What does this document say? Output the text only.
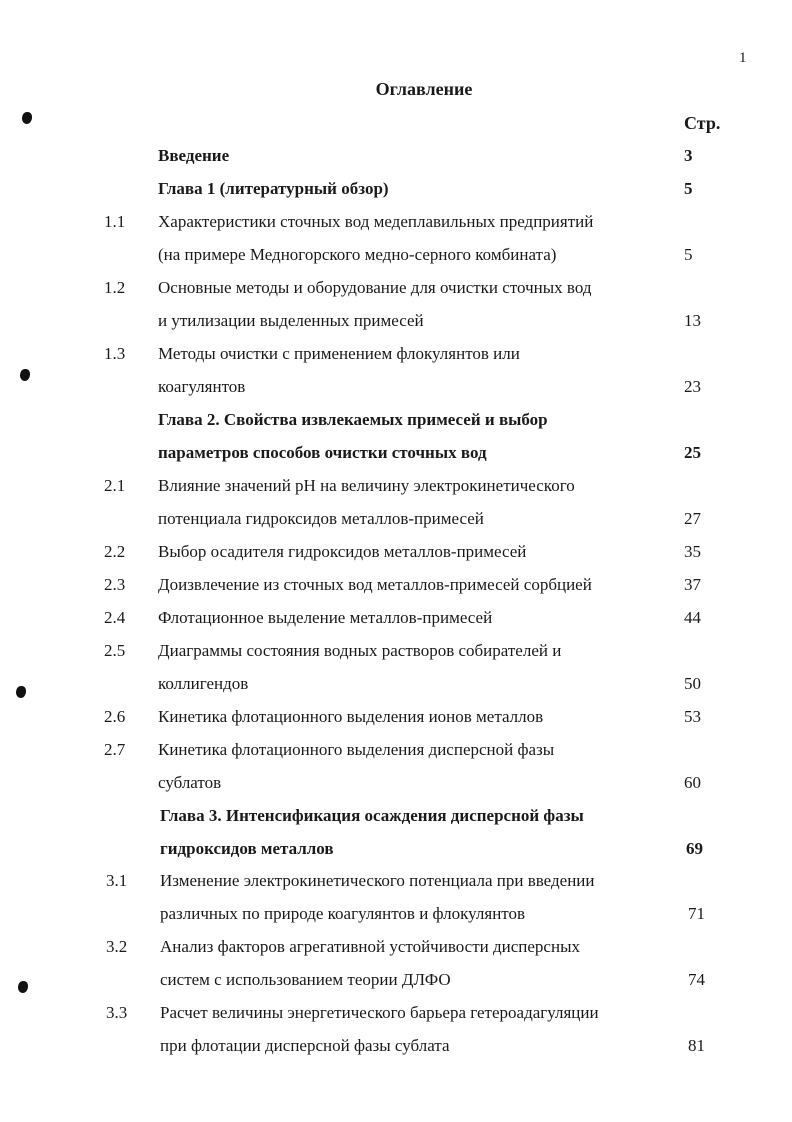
1
Оглавление
Стр.
Введение	3
Глава 1 (литературный обзор)	5
1.1 Характеристики сточных вод медеплавильных предприятий
(на примере Медногорского медно-серного комбината)	5
1.2 Основные методы и оборудование для очистки сточных вод
и утилизации выделенных примесей	13
1.3 Методы очистки с применением флокулянтов или
коагулянтов	23
Глава 2. Свойства извлекаемых примесей и выбор
параметров способов очистки сточных вод	25
2.1 Влияние значений pH на величину электрокинетического
потенциала гидроксидов металлов-примесей	27
2.2 Выбор осадителя гидроксидов металлов-примесей	35
2.3 Доизвлечение из сточных вод металлов-примесей сорбцией	37
2.4 Флотационное выделение металлов-примесей	44
2.5 Диаграммы состояния водных растворов собирателей и
коллигендов	50
2.6 Кинетика флотационного выделения ионов металлов	53
2.7 Кинетика флотационного выделения дисперсной фазы
сублатов	60
Глава 3. Интенсификация осаждения дисперсной фазы
гидроксидов металлов	69
3.1 Изменение электрокинетического потенциала при введении
различных по природе коагулянтов и флокулянтов	71
3.2 Анализ факторов агрегативной устойчивости дисперсных
систем с использованием теории ДЛФО	74
3.3 Расчет величины энергетического барьера гетероадагуляции
при флотации дисперсной фазы сублата	81
